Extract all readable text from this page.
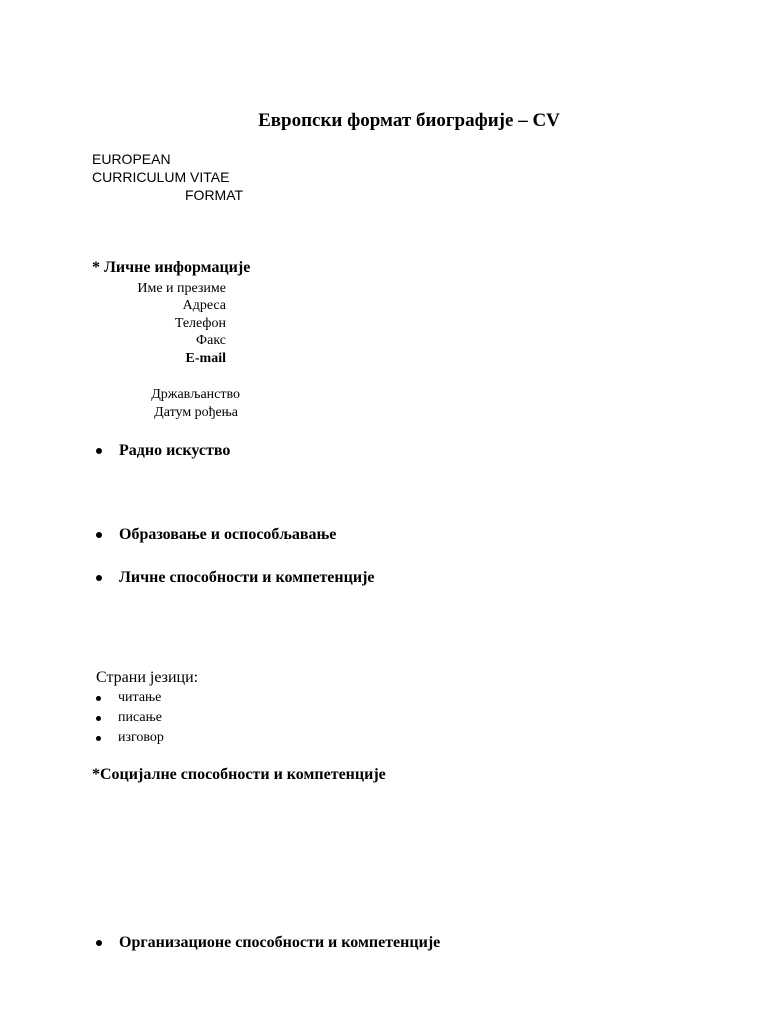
Европски формат биографије – CV
EUROPEAN
CURRICULUM VITAE
FORMAT
* Личне информације
Име и презиме
Адреса
Телефон
Факс
E-mail
Држављанство
Датум рођења
Радно искуство
Образовање и оспособљавање
Личне способности и компетенције
Страни језици:
читање
писање
изговор
*Социјалне способности и компетенције
Организационе способности и компетенције
